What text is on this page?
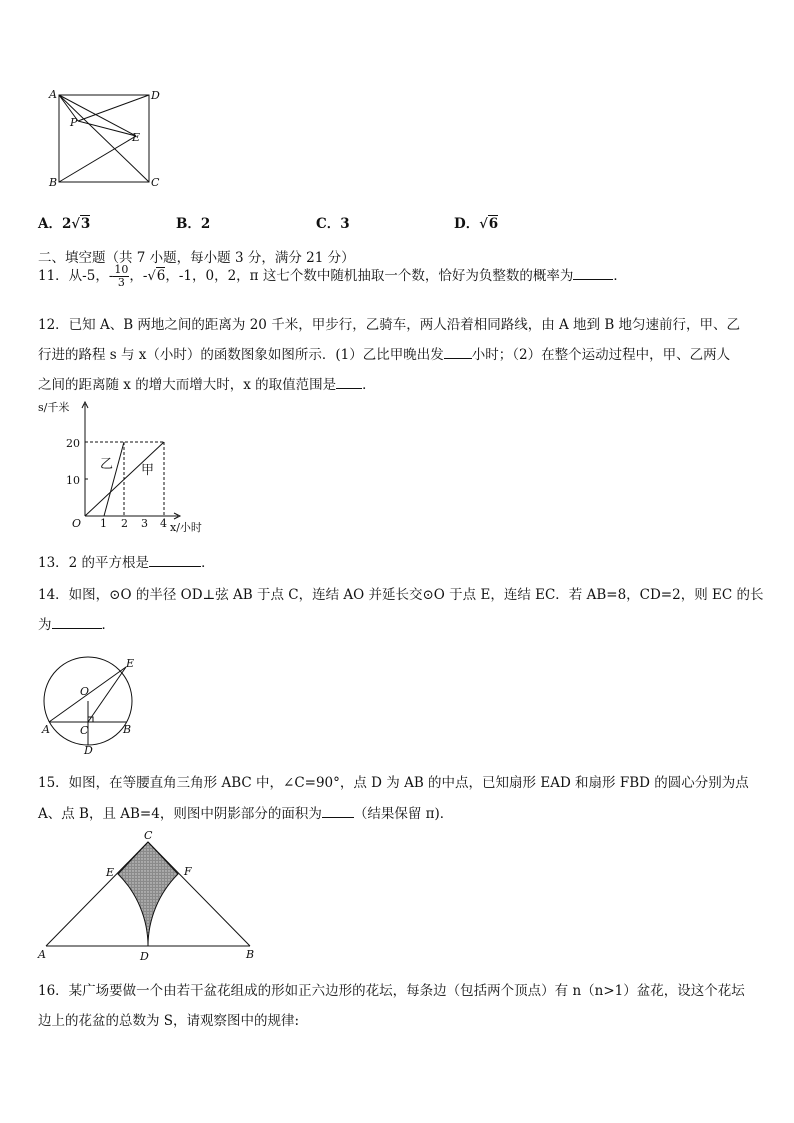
A	D
B	C
P
E
A．2√3	B．2	C．3	D．√6
二、填空题（共 7 小题，每小题 3 分，满分 21 分）
11．从-5，- $\frac{10}{3}$ ，-√6，-1，0，2，π 这七个数中随机抽取一个数，恰好为负整数的概率为	．
12．已知 A、B 两地之间的距离为 20 千米，甲步行，乙骑车，两人沿着相同路线，由 A 地到 B 地匀速前行，甲、乙
行进的路程 s 与 x（小时）的函数图象如图所示．(1）乙比甲晚出发 小时；（2）在整个运动过程中，甲、乙两人
之间的距离随 x 的增大而增大时，x 的取值范围是 ．
s/千米
x/小时
O
20
10
1 2 3 4
乙 甲
13．2 的平方根是	．
14．如图，⊙O 的半径 OD⊥弦 AB 于点 C，连结 AO 并延长交⊙O 于点 E，连结 EC．若 AB=8，CD=2，则 EC 的长
为	．
O
E
A	B
C
D
15．如图，在等腰直角三角形 ABC 中，∠C=90°，点 D 为 AB 的中点，已知扇形 EAD 和扇形 FBD 的圆心分别为点
A、点 B，且 AB=4，则图中阴影部分的面积为 （结果保留 π)．
C
E	F
A	B
D
16．某广场要做一个由若干盆花组成的形如正六边形的花坛，每条边（包括两个顶点）有 n（n>1）盆花，设这个花坛
边上的花盆的总数为 S，请观察图中的规律:
